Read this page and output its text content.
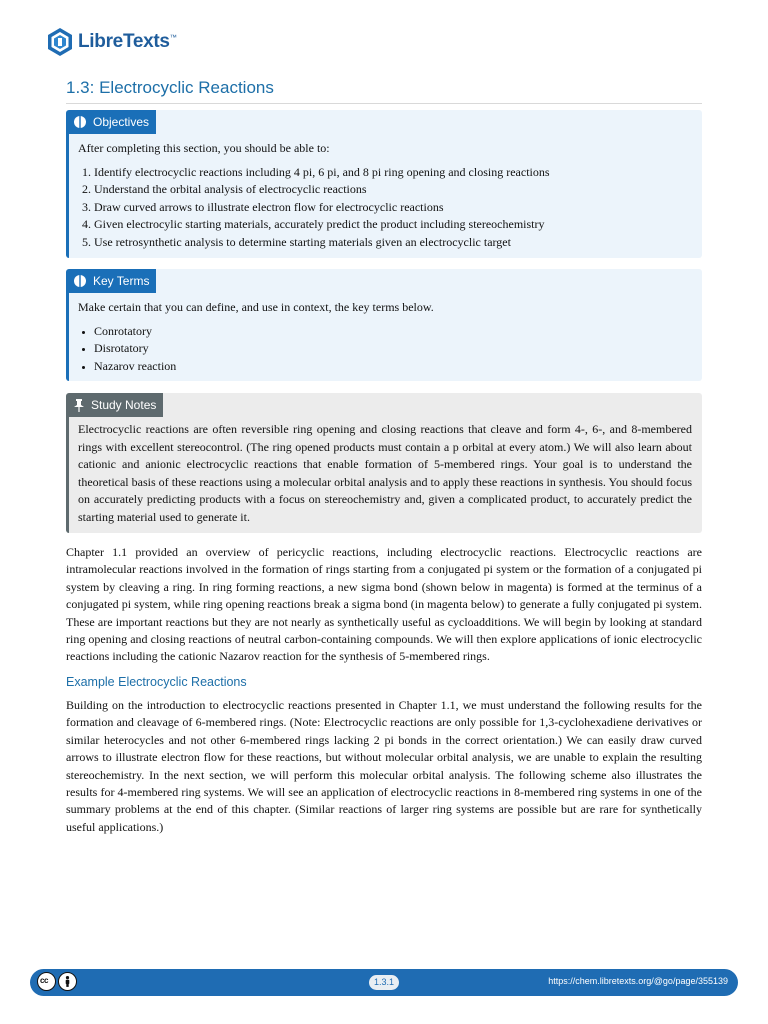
LibreTexts™
1.3: Electrocyclic Reactions
Objectives

After completing this section, you should be able to:

1. Identify electrocyclic reactions including 4 pi, 6 pi, and 8 pi ring opening and closing reactions
2. Understand the orbital analysis of electrocyclic reactions
3. Draw curved arrows to illustrate electron flow for electrocyclic reactions
4. Given electrocylic starting materials, accurately predict the product including stereochemistry
5. Use retrosynthetic analysis to determine starting materials given an electrocyclic target
Key Terms

Make certain that you can define, and use in context, the key terms below.

• Conrotatory
• Disrotatory
• Nazarov reaction
Study Notes

Electrocyclic reactions are often reversible ring opening and closing reactions that cleave and form 4-, 6-, and 8-membered rings with excellent stereocontrol. (The ring opened products must contain a p orbital at every atom.) We will also learn about cationic and anionic electrocyclic reactions that enable formation of 5-membered rings. Your goal is to understand the theoretical basis of these reactions using a molecular orbital analysis and to apply these reactions in synthesis. You should focus on accurately predicting products with a focus on stereochemistry and, given a complicated product, to accurately predict the starting material used to generate it.

Chapter 1.1 provided an overview of pericyclic reactions, including electrocyclic reactions. Electrocyclic reactions are intramolecular reactions involved in the formation of rings starting from a conjugated pi system or the formation of a conjugated pi system by cleaving a ring. In ring forming reactions, a new sigma bond (shown below in magenta) is formed at the terminus of a conjugated pi system, while ring opening reactions break a sigma bond (in magenta below) to generate a fully conjugated pi system. These are important reactions but they are not nearly as synthetically useful as cycloadditions. We will begin by looking at standard ring opening and closing reactions of neutral carbon-containing compounds. We will then explore applications of ionic electrocyclic reactions including the cationic Nazarov reaction for the synthesis of 5-membered rings.

Example Electrocyclic Reactions

Building on the introduction to electrocyclic reactions presented in Chapter 1.1, we must understand the following results for the formation and cleavage of 6-membered rings. (Note: Electrocyclic reactions are only possible for 1,3-cyclohexadiene derivatives or similar heterocycles and not other 6-membered rings lacking 2 pi bonds in the correct orientation.) We can easily draw curved arrows to illustrate electron flow for these reactions, but without molecular orbital analysis, we are unable to explain the resulting stereochemistry. In the next section, we will perform this molecular orbital analysis. The following scheme also illustrates the results for 4-membered ring systems. We will see an application of electrocyclic reactions in 8-membered ring systems in one of the summary problems at the end of this chapter. (Similar reactions of larger ring systems are possible but are rare for synthetically useful applications.)

cc	1.3.1	https://chem.libretexts.org/@go/page/355139
